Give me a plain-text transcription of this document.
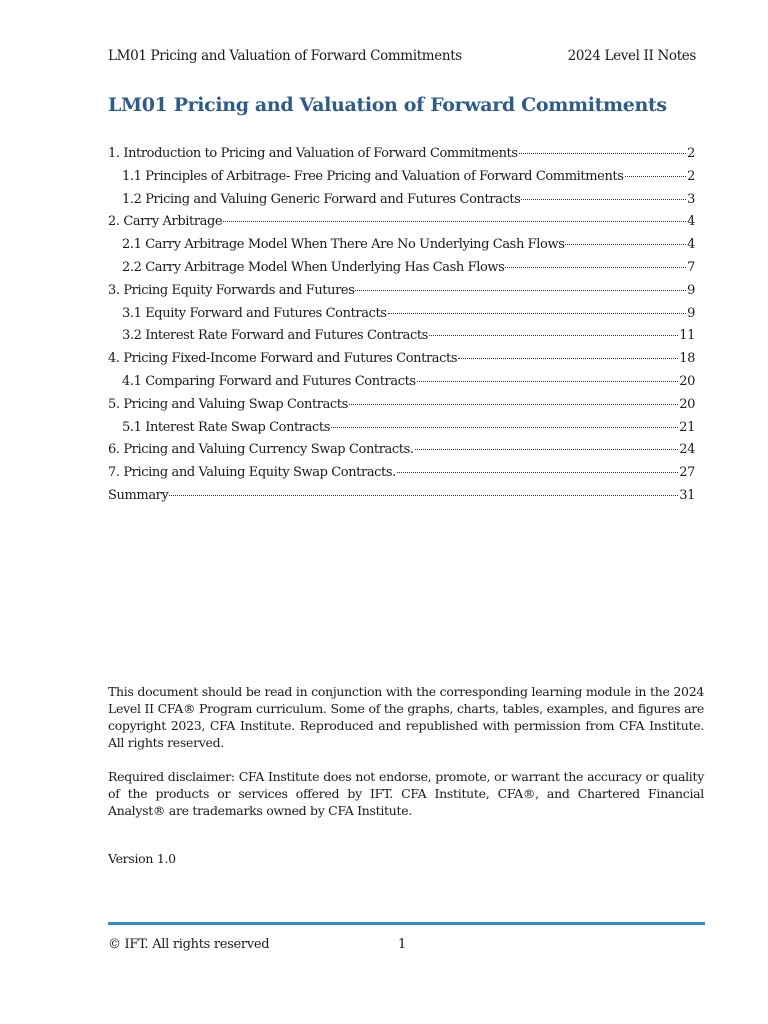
LM01 Pricing and Valuation of Forward Commitments	2024 Level II Notes
LM01 Pricing and Valuation of Forward Commitments
1. Introduction to Pricing and Valuation of Forward Commitments	2
1.1 Principles of Arbitrage- Free Pricing and Valuation of Forward Commitments	2
1.2 Pricing and Valuing Generic Forward and Futures Contracts	3
2. Carry Arbitrage	4
2.1 Carry Arbitrage Model When There Are No Underlying Cash Flows	4
2.2 Carry Arbitrage Model When Underlying Has Cash Flows	7
3. Pricing Equity Forwards and Futures	9
3.1 Equity Forward and Futures Contracts	9
3.2 Interest Rate Forward and Futures Contracts	11
4. Pricing Fixed-Income Forward and Futures Contracts	18
4.1 Comparing Forward and Futures Contracts	20
5. Pricing and Valuing Swap Contracts	20
5.1 Interest Rate Swap Contracts	21
6. Pricing and Valuing Currency Swap Contracts.	24
7. Pricing and Valuing Equity Swap Contracts.	27
Summary	31

This document should be read in conjunction with the corresponding learning module in the 2024 Level II CFA® Program curriculum. Some of the graphs, charts, tables, examples, and figures are copyright 2023, CFA Institute. Reproduced and republished with permission from CFA Institute. All rights reserved.

Required disclaimer: CFA Institute does not endorse, promote, or warrant the accuracy or quality of the products or services offered by IFT. CFA Institute, CFA®, and Chartered Financial Analyst® are trademarks owned by CFA Institute.

Version 1.0

© IFT. All rights reserved	1
